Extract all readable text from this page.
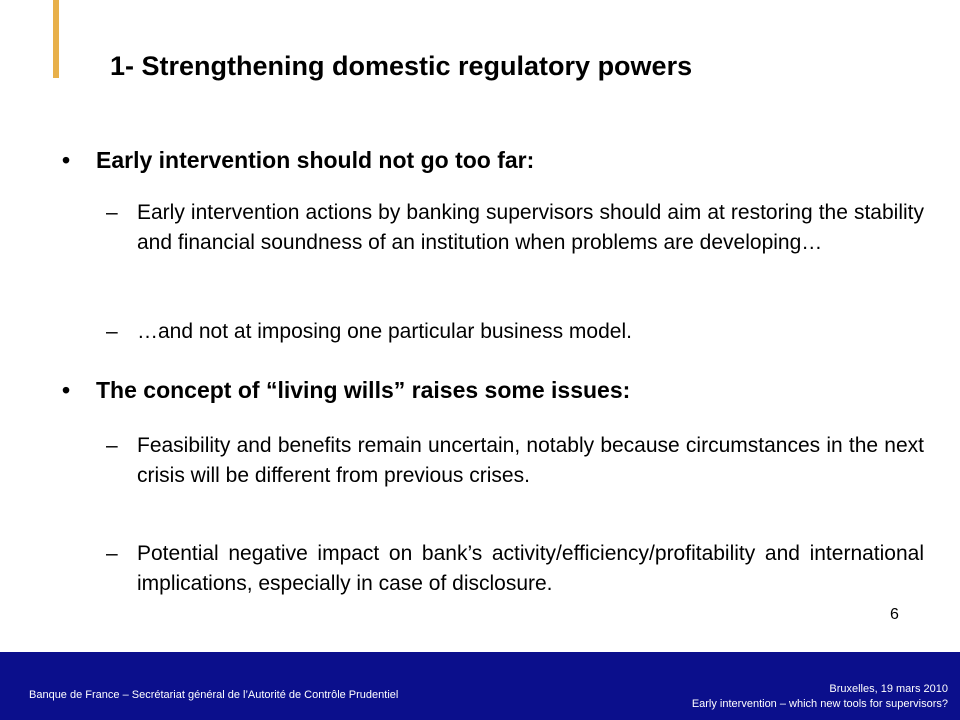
1- Strengthening domestic regulatory powers
• Early intervention should not go too far:
– Early intervention actions by banking supervisors should aim at restoring the stability and financial soundness of an institution when problems are developing…
– …and not at imposing one particular business model.
• The concept of “living wills” raises some issues:
– Feasibility and benefits remain uncertain, notably because circumstances in the next crisis will be different from previous crises.
– Potential negative impact on bank’s activity/efficiency/profitability and international implications, especially in case of disclosure.
6
Banque de France – Secrétariat général de l’Autorité de Contrôle Prudentiel	Bruxelles, 19 mars 2010
Early intervention – which new tools for supervisors?
